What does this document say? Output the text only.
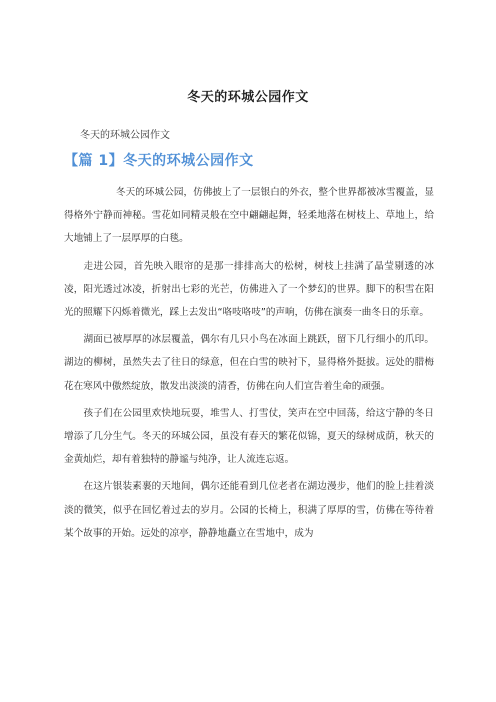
冬天的环城公园作文
冬天的环城公园作文
【篇 1】冬天的环城公园作文

冬天的环城公园，仿佛披上了一层银白的外衣，整个世界都被冰雪覆盖，显得格外宁静而神秘。雪花如同精灵般在空中翩翩起舞，轻柔地落在树枝上、草地上，给大地铺上了一层厚厚的白毯。

走进公园，首先映入眼帘的是那一排排高大的松树，树枝上挂满了晶莹剔透的冰凌，阳光透过冰凌，折射出七彩的光芒，仿佛进入了一个梦幻的世界。脚下的积雪在阳光的照耀下闪烁着微光，踩上去发出“咯吱咯吱”的声响，仿佛在演奏一曲冬日的乐章。

湖面已被厚厚的冰层覆盖，偶尔有几只小鸟在冰面上跳跃，留下几行细小的爪印。湖边的柳树，虽然失去了往日的绿意，但在白雪的映衬下，显得格外挺拔。远处的腊梅花在寒风中傲然绽放，散发出淡淡的清香，仿佛在向人们宣告着生命的顽强。

孩子们在公园里欢快地玩耍，堆雪人、打雪仗，笑声在空中回荡，给这宁静的冬日增添了几分生气。冬天的环城公园，虽没有春天的繁花似锦，夏天的绿树成荫，秋天的金黄灿烂，却有着独特的静谧与纯净，让人流连忘返。

在这片银装素裹的天地间，偶尔还能看到几位老者在湖边漫步，他们的脸上挂着淡淡的微笑，似乎在回忆着过去的岁月。公园的长椅上，积满了厚厚的雪，仿佛在等待着某个故事的开始。远处的凉亭，静静地矗立在雪地中，成为
